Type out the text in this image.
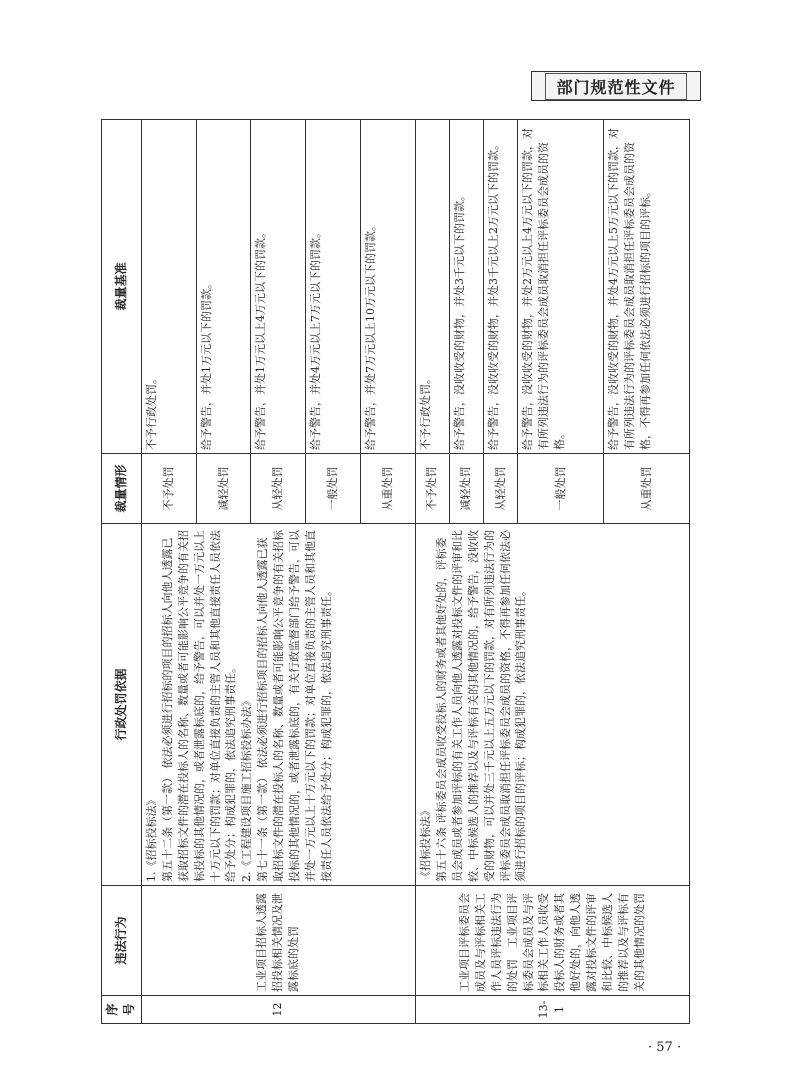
部门规范性文件
序号	违法行为	行政处罚依据	裁量情形	裁量基准
12	工业项目招标人透露招投标相关情况及泄露标底的处罚	1.《招标投标法》 第五十二条（第一款） 依法必须进行招标的项目的招标人向他人透露已获取招标文件的潜在投标人的名称、数量或者可能影响公平竞争的有关招标投标的其他情况的，或者泄露标底的，给予警告，可以并处一万元以上十万元以下的罚款；对单位直接负责的主管人员和其他直接责任人员依法给予处分；构成犯罪的，依法追究刑事责任。 2.《工程建设项目施工招标投标办法》 第七十一条（第一款） 依法必须进行招标项目的招标人向他人透露已获取招标文件的潜在投标人的名称、数量或者可能影响公平竞争的有关招标投标的其他情况的，或者泄露标底的，有关行政监督部门给予警告，可以并处一万元以上十万元以下的罚款；对单位直接负责的主管人员和其他直接责任人员依法给予处分；构成犯罪的，依法追究刑事责任。	不予处罚	不予行政处罚。
			减轻处罚	给予警告，并处1万元以下的罚款。
			从轻处罚	给予警告，并处1万元以上4万元以下的罚款。
			一般处罚	给予警告，并处4万元以上7万元以下的罚款。
			从重处罚	给予警告，并处7万元以上10万元以下的罚款。
13-1	工业项目评标委员会成员及与评标相关工作人员评标违法行为的处罚　工业项目评标委员会成员及与评标相关工作人员收受投标人的财务或者其他好处的，向他人透露对投标文件的评审和比较、中标候选人的推荐以及与评标有关的其他情况的处罚	《招标投标法》 第五十六条 评标委员会成员收受投标人的财务或者其他好处的，评标委员会成员或者参加评标的有关工作人员向他人透露对投标文件的评审和比较、中标候选人的推荐以及与评标有关的其他情况的，给予警告，没收收受的财物，可以并处三千元以上五万元以下的罚款，对有所列违法行为的评标委员会成员取消担任评标委员会成员的资格，不得再参加任何依法必须进行招标的项目的评标；构成犯罪的，依法追究刑事责任。	不予处罚	不予行政处罚。
			减轻处罚	给予警告，没收收受的财物，并处3千元以下的罚款。
			从轻处罚	给予警告，没收收受的财物，并处3千元以上2万元以下的罚款。
			一般处罚	给予警告，没收收受的财物，并处2万元以上4万元以下的罚款，对有所列违法行为的评标委员会成员取消担任评标委员会成员的资格。
			从重处罚	给予警告，没收收受的财物，并处4万元以上5万元以下的罚款，对有所列违法行为的评标委员会成员取消担任评标委员会成员的资格，不得再参加任何依法必须进行招标的项目的评标。
· 57 ·
